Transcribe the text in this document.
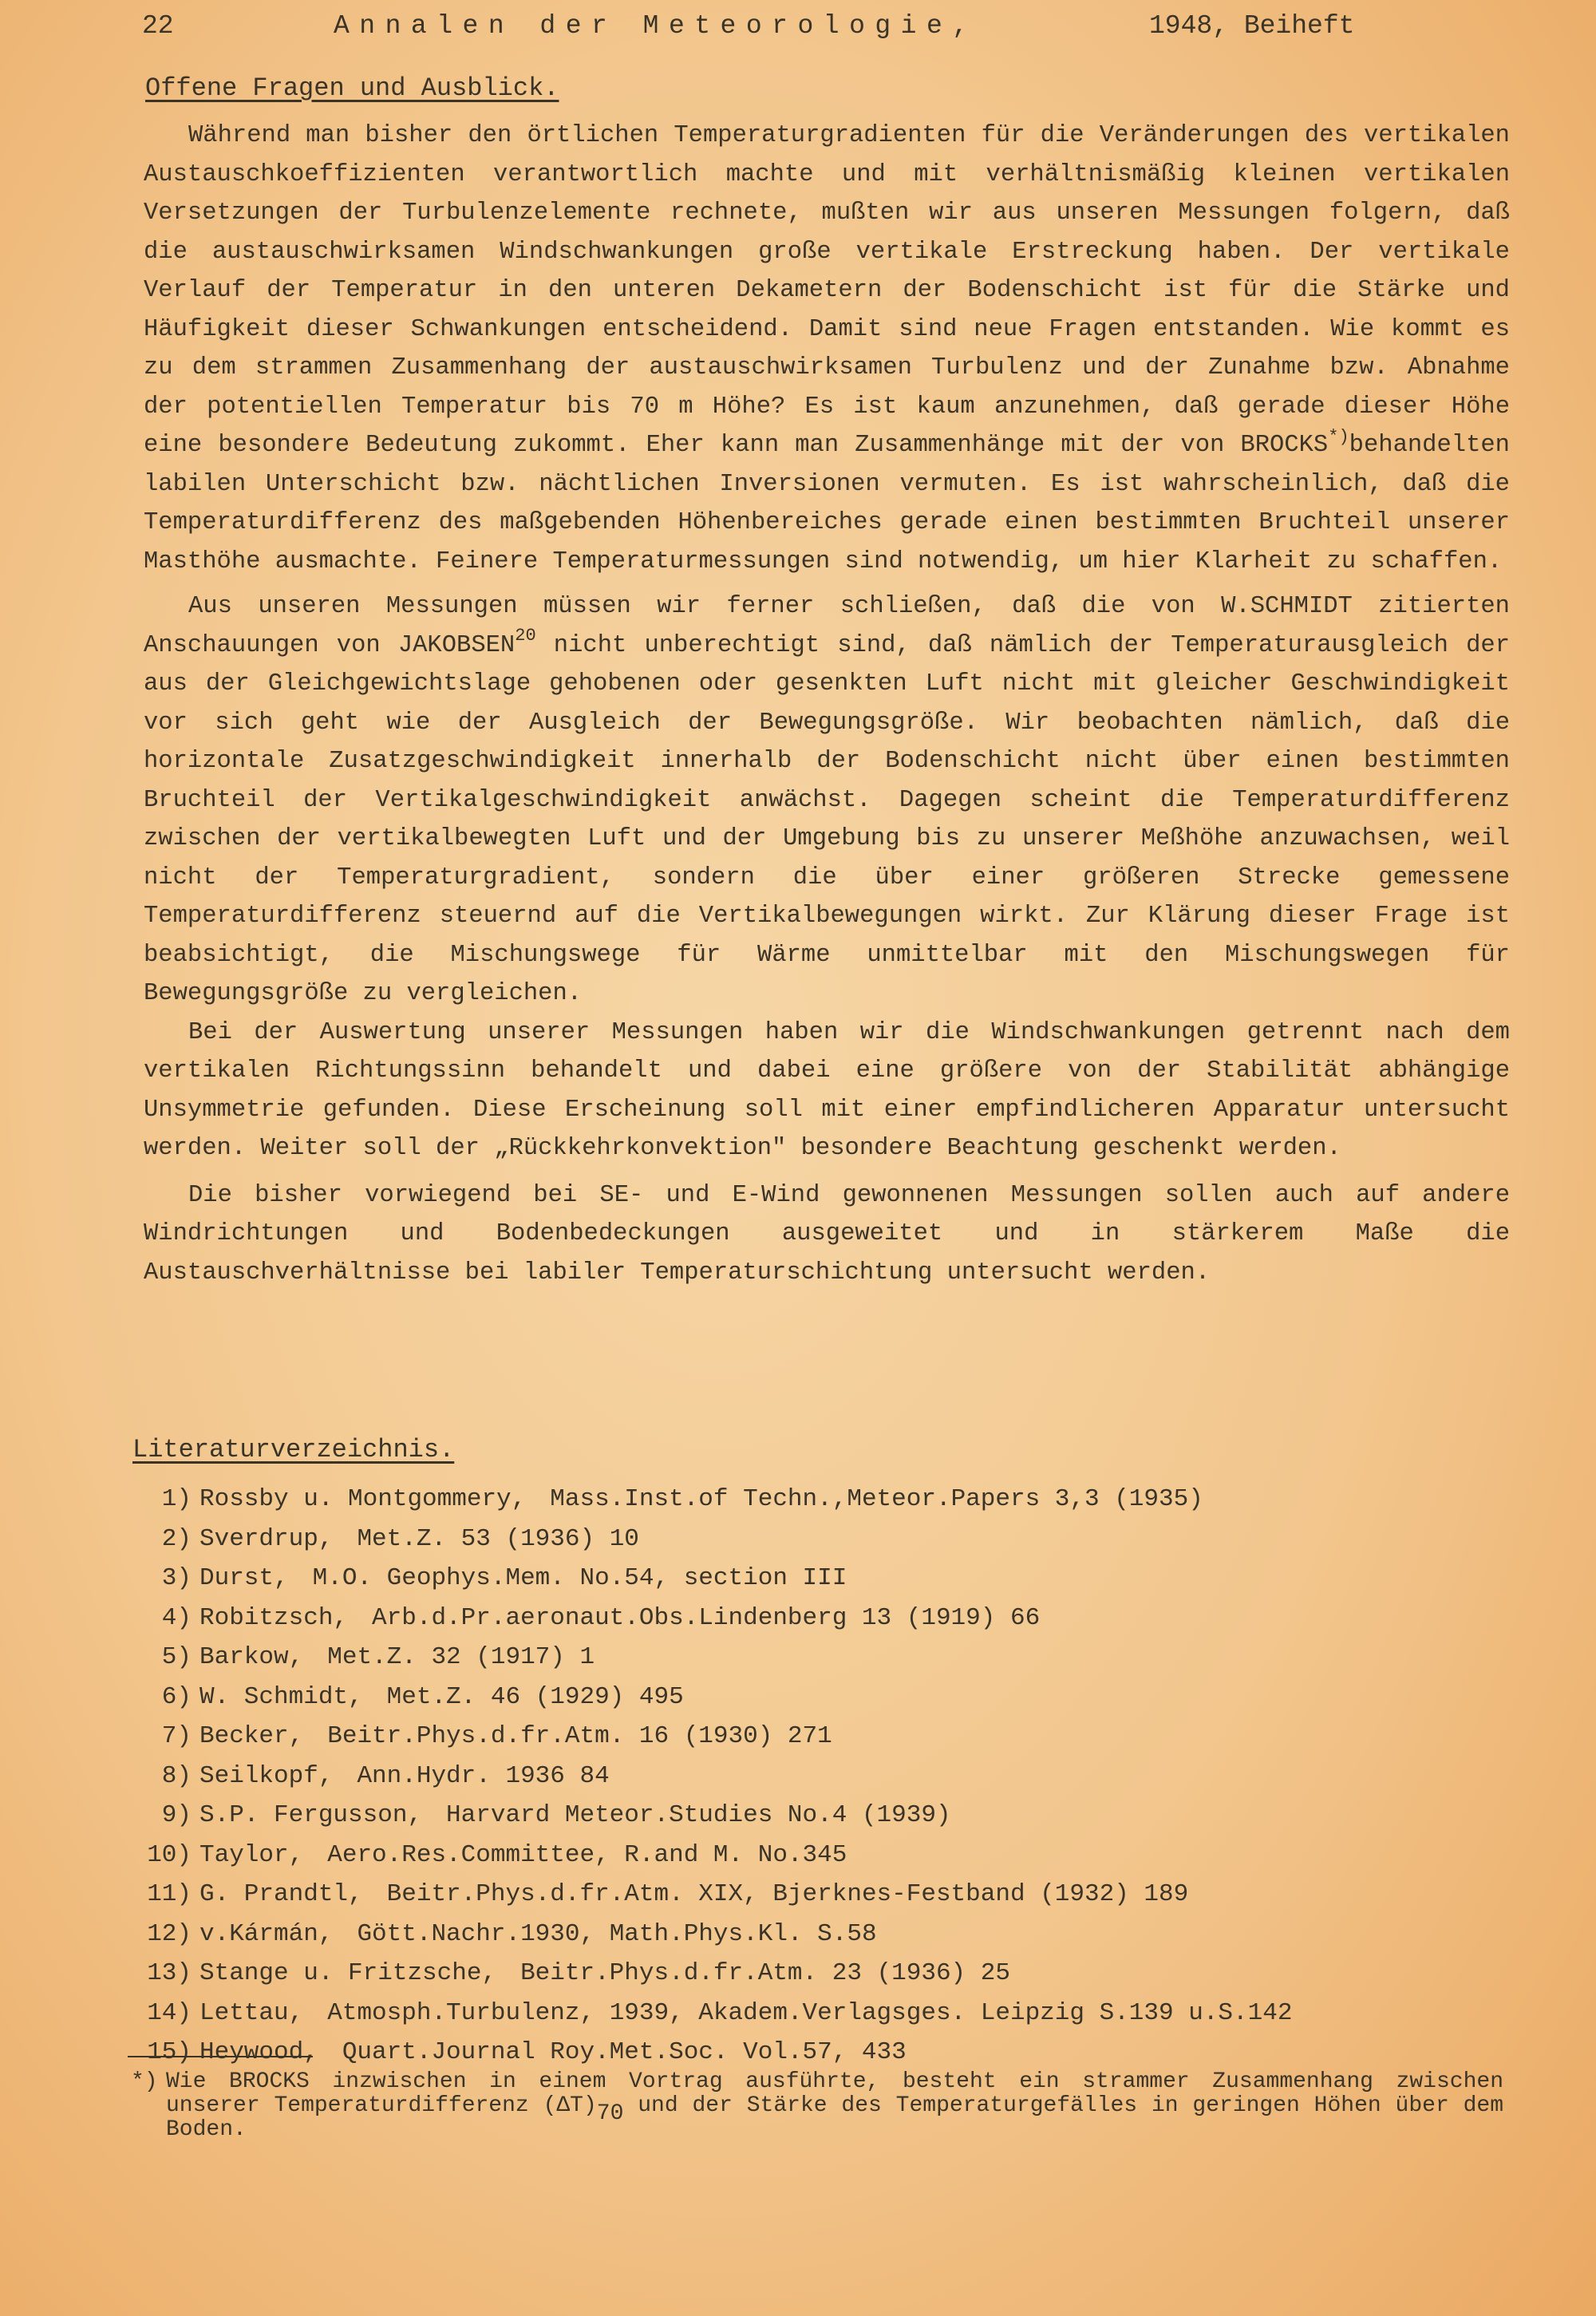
22

	Annalen der Meteorologie,

	1948, Beiheft

Offene Fragen und Ausblick.

Während man bisher den örtlichen Temperaturgradienten für die Veränderungen des vertikalen Austauschkoeffizienten verantwortlich machte und mit verhältnismäßig kleinen vertikalen Versetzungen der Turbulenzelemente rechnete, mußten wir aus unseren Messungen folgern, daß die austauschwirksamen Windschwankungen große vertikale Erstreckung haben. Der vertikale Verlauf der Temperatur in den unteren Dekametern der Bodenschicht ist für die Stärke und Häufigkeit dieser Schwankungen entscheidend. Damit sind neue Fragen entstanden. Wie kommt es zu dem strammen Zusammenhang der austauschwirksamen Turbulenz und der Zunahme bzw. Abnahme der potentiellen Temperatur bis 70 m Höhe? Es ist kaum anzunehmen, daß gerade dieser Höhe eine besondere Bedeutung zukommt. Eher kann man Zusammenhänge mit der von BROCKS*)behandelten labilen Unterschicht bzw. nächtlichen Inversionen vermuten. Es ist wahrscheinlich, daß die Temperaturdifferenz des maßgebenden Höhenbereiches gerade einen bestimmten Bruchteil unserer Masthöhe ausmachte. Feinere Temperaturmessungen sind notwendig, um hier Klarheit zu schaffen.

Aus unseren Messungen müssen wir ferner schließen, daß die von W.SCHMIDT zitierten Anschauungen von JAKOBSEN$^{20}$ nicht unberechtigt sind, daß nämlich der Temperaturausgleich der aus der Gleichgewichtslage gehobenen oder gesenkten Luft nicht mit gleicher Geschwindigkeit vor sich geht wie der Ausgleich der Bewegungsgröße. Wir beobachten nämlich, daß die horizontale Zusatzgeschwindigkeit innerhalb der Bodenschicht nicht über einen bestimmten Bruchteil der Vertikalgeschwindigkeit anwächst. Dagegen scheint die Temperaturdifferenz zwischen der vertikalbewegten Luft und der Umgebung bis zu unserer Meßhöhe anzuwachsen, weil nicht der Temperaturgradient, sondern die über einer größeren Strecke gemessene Temperaturdifferenz steuernd auf die Vertikalbewegungen wirkt. Zur Klärung dieser Frage ist beabsichtigt, die Mischungswege für Wärme unmittelbar mit den Mischungswegen für Bewegungsgröße zu vergleichen.

Bei der Auswertung unserer Messungen haben wir die Windschwankungen getrennt nach dem vertikalen Richtungssinn behandelt und dabei eine größere von der Stabilität abhängige Unsymmetrie gefunden. Diese Erscheinung soll mit einer empfindlicheren Apparatur untersucht werden. Weiter soll der „Rückkehrkonvektion" besondere Beachtung geschenkt werden.

Die bisher vorwiegend bei SE- und E-Wind gewonnenen Messungen sollen auch auf andere Windrichtungen und Bodenbedeckungen ausgeweitet und in stärkerem Maße die Austauschverhältnisse bei labiler Temperaturschichtung untersucht werden.

Literaturverzeichnis.
1) Rossby u. Montgommery, Mass.Inst.of Techn.,Meteor.Papers 3,3 (1935)
2) Sverdrup, Met.Z. 53 (1936) 10
3) Durst, M.O. Geophys.Mem. No.54, section III
4) Robitzsch, Arb.d.Pr.aeronaut.Obs.Lindenberg 13 (1919) 66
5) Barkow, Met.Z. 32 (1917) 1
6) W. Schmidt, Met.Z. 46 (1929) 495
7) Becker, Beitr.Phys.d.fr.Atm. 16 (1930) 271
8) Seilkopf, Ann.Hydr. 1936 84
9) S.P. Fergusson, Harvard Meteor.Studies No.4 (1939)
10) Taylor, Aero.Res.Committee, R.and M. No.345
11) G. Prandtl, Beitr.Phys.d.fr.Atm. XIX, Bjerknes-Festband (1932) 189
12) v.Kármán, Gött.Nachr.1930, Math.Phys.Kl. S.58
13) Stange u. Fritzsche, Beitr.Phys.d.fr.Atm. 23 (1936) 25
14) Lettau, Atmosph.Turbulenz, 1939, Akadem.Verlagsges. Leipzig S.139 u.S.142
15) Heywood, Quart.Journal Roy.Met.Soc. Vol.57, 433
*) Wie BROCKS inzwischen in einem Vortrag ausführte, besteht ein strammer Zusammenhang zwischen unserer Temperaturdifferenz $(\Delta T)_{70}$ und der Stärke des Temperaturgefälles in geringen Höhen über dem Boden.
